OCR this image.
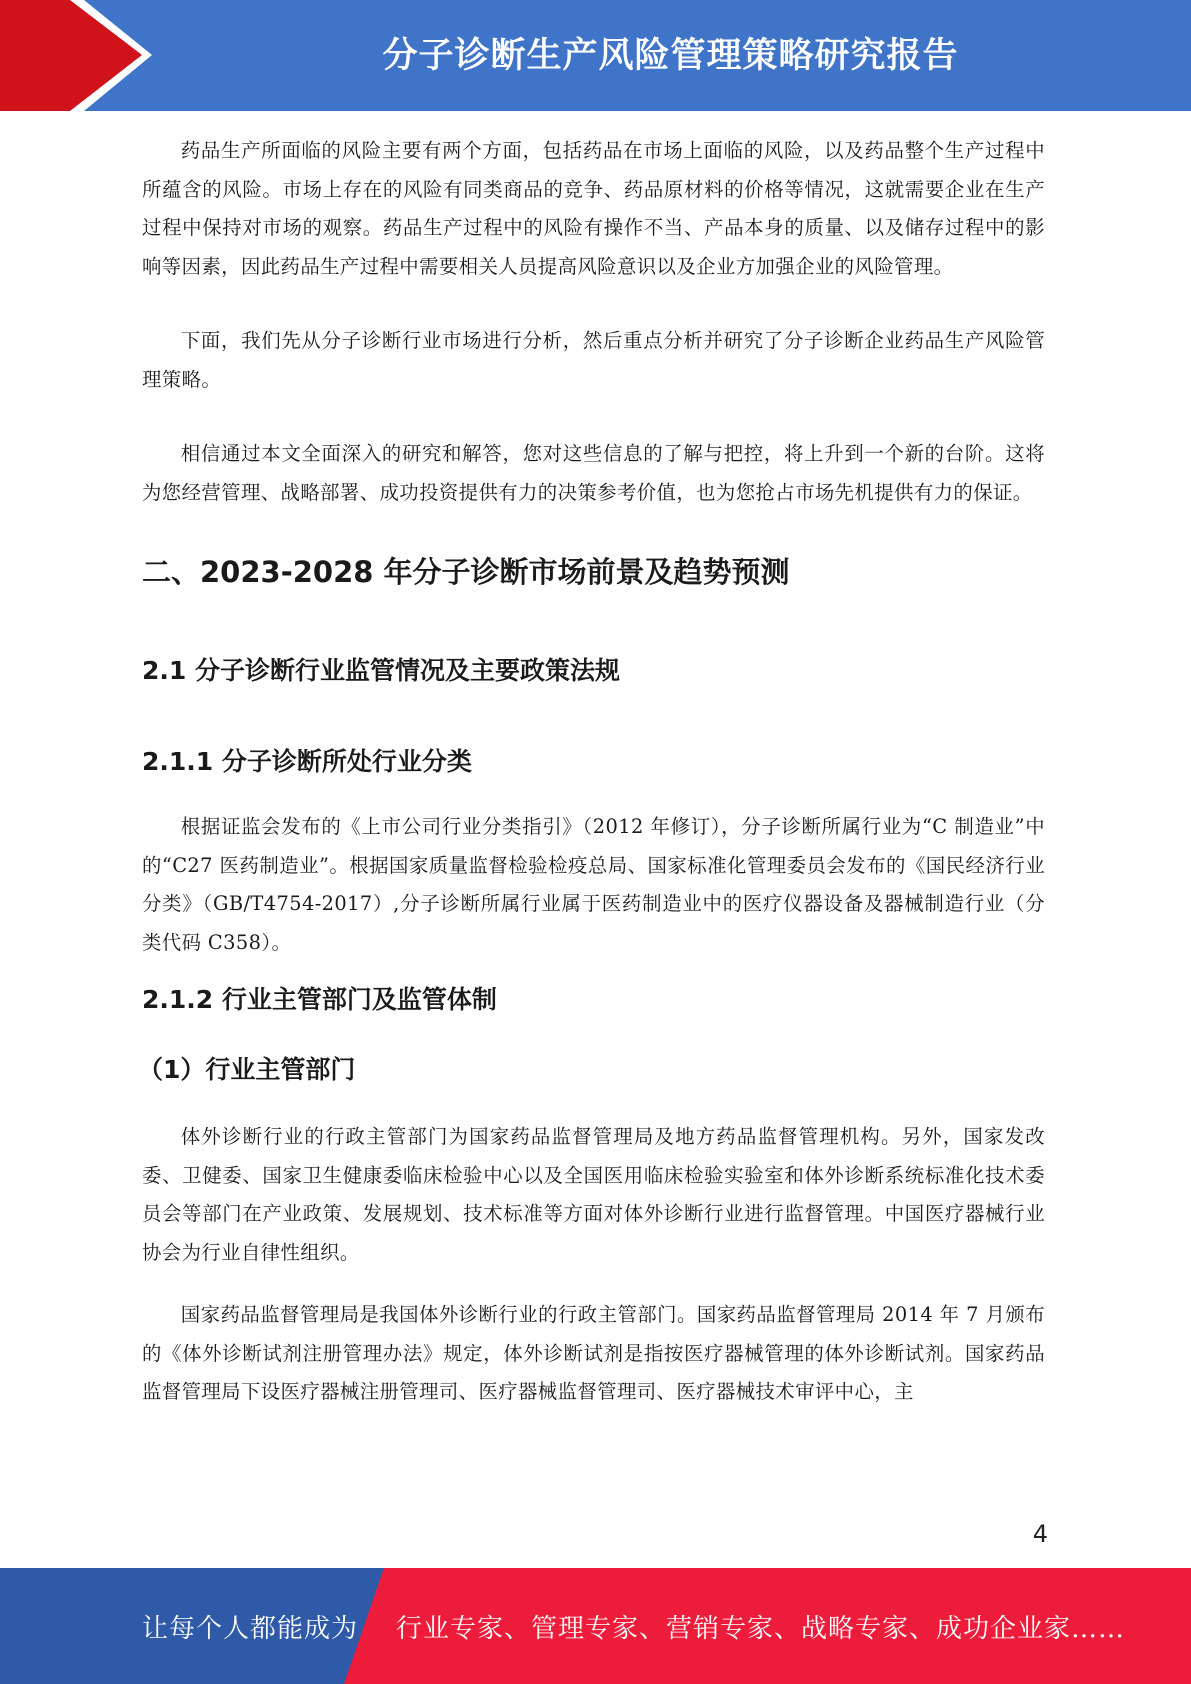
分子诊断生产风险管理策略研究报告

药品生产所面临的风险主要有两个方面，包括药品在市场上面临的风险，以及药品整个生产过程中所蕴含的风险。市场上存在的风险有同类商品的竞争、药品原材料的价格等情况，这就需要企业在生产过程中保持对市场的观察。药品生产过程中的风险有操作不当、产品本身的质量、以及储存过程中的影响等因素，因此药品生产过程中需要相关人员提高风险意识以及企业方加强企业的风险管理。

下面，我们先从分子诊断行业市场进行分析，然后重点分析并研究了分子诊断企业药品生产风险管理策略。

相信通过本文全面深入的研究和解答，您对这些信息的了解与把控，将上升到一个新的台阶。这将为您经营管理、战略部署、成功投资提供有力的决策参考价值，也为您抢占市场先机提供有力的保证。

二、2023-2028 年分子诊断市场前景及趋势预测
2.1 分子诊断行业监管情况及主要政策法规
2.1.1 分子诊断所处行业分类

根据证监会发布的《上市公司行业分类指引》（2012 年修订），分子诊断所属行业为“C 制造业”中的“C27 医药制造业”。根据国家质量监督检验检疫总局、国家标准化管理委员会发布的《国民经济行业分类》（GB/T4754-2017）,分子诊断所属行业属于医药制造业中的医疗仪器设备及器械制造行业（分类代码 C358）。

2.1.2 行业主管部门及监管体制
（1）行业主管部门

体外诊断行业的行政主管部门为国家药品监督管理局及地方药品监督管理机构。另外，国家发改委、卫健委、国家卫生健康委临床检验中心以及全国医用临床检验实验室和体外诊断系统标准化技术委员会等部门在产业政策、发展规划、技术标准等方面对体外诊断行业进行监督管理。中国医疗器械行业协会为行业自律性组织。

国家药品监督管理局是我国体外诊断行业的行政主管部门。国家药品监督管理局 2014 年 7 月颁布的《体外诊断试剂注册管理办法》规定，体外诊断试剂是指按医疗器械管理的体外诊断试剂。国家药品监督管理局下设医疗器械注册管理司、医疗器械监督管理司、医疗器械技术审评中心，主

4
让每个人都能成为 行业专家、管理专家、营销专家、战略专家、成功企业家……
